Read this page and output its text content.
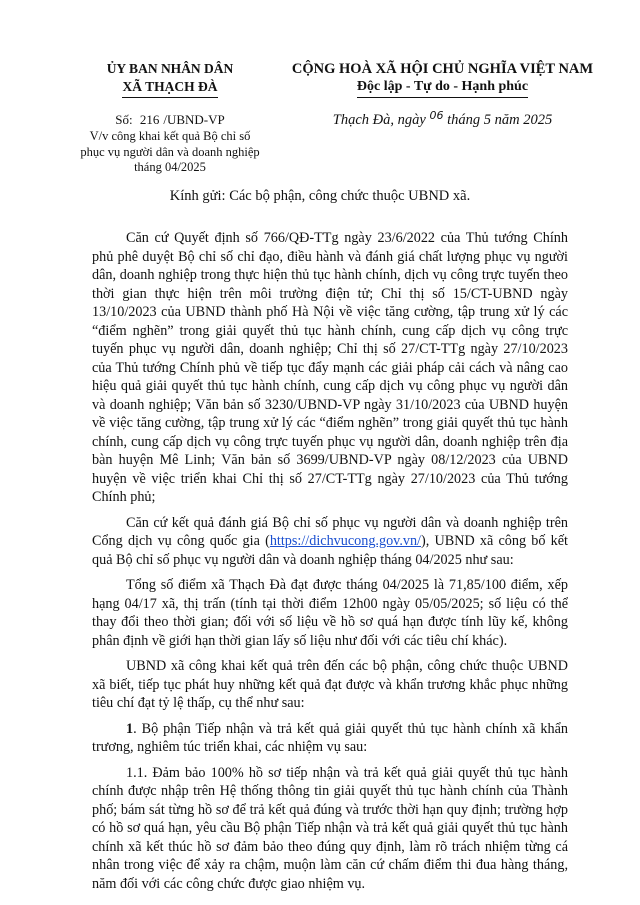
ỦY BAN NHÂN DÂN
XÃ THẠCH ĐÀ
Số: 216 /UBND-VP
V/v công khai kết quả Bộ chỉ số
phục vụ người dân và doanh nghiệp
tháng 04/2025
CỘNG HOÀ XÃ HỘI CHỦ NGHĨA VIỆT NAM
Độc lập - Tự do - Hạnh phúc
Thạch Đà, ngày $^{06}$ tháng 5 năm 2025
Kính gửi: Các bộ phận, công chức thuộc UBND xã.

Căn cứ Quyết định số 766/QĐ-TTg ngày 23/6/2022 của Thủ tướng Chính phủ phê duyệt Bộ chỉ số chỉ đạo, điều hành và đánh giá chất lượng phục vụ người dân, doanh nghiệp trong thực hiện thủ tục hành chính, dịch vụ công trực tuyến theo thời gian thực hiện trên môi trường điện tử; Chỉ thị số 15/CT-UBND ngày 13/10/2023 của UBND thành phố Hà Nội về việc tăng cường, tập trung xử lý các “điểm nghẽn” trong giải quyết thủ tục hành chính, cung cấp dịch vụ công trực tuyến phục vụ người dân, doanh nghiệp; Chỉ thị số 27/CT-TTg ngày 27/10/2023 của Thủ tướng Chính phủ về tiếp tục đẩy mạnh các giải pháp cải cách và nâng cao hiệu quả giải quyết thủ tục hành chính, cung cấp dịch vụ công phục vụ người dân và doanh nghiệp; Văn bản số 3230/UBND-VP ngày 31/10/2023 của UBND huyện về việc tăng cường, tập trung xử lý các “điểm nghẽn” trong giải quyết thủ tục hành chính, cung cấp dịch vụ công trực tuyến phục vụ người dân, doanh nghiệp trên địa bàn huyện Mê Linh; Văn bản số 3699/UBND-VP ngày 08/12/2023 của UBND huyện về việc triển khai Chỉ thị số 27/CT-TTg ngày 27/10/2023 của Thủ tướng Chính phủ;

Căn cứ kết quả đánh giá Bộ chỉ số phục vụ người dân và doanh nghiệp trên Cổng dịch vụ công quốc gia (https://dichvucong.gov.vn/), UBND xã công bố kết quả Bộ chỉ số phục vụ người dân và doanh nghiệp tháng 04/2025 như sau:

Tổng số điểm xã Thạch Đà đạt được tháng 04/2025 là 71,85/100 điểm, xếp hạng 04/17 xã, thị trấn (tính tại thời điểm 12h00 ngày 05/05/2025; số liệu có thể thay đổi theo thời gian; đối với số liệu về hồ sơ quá hạn được tính lũy kế, không phân định về giới hạn thời gian lấy số liệu như đối với các tiêu chí khác).

UBND xã công khai kết quả trên đến các bộ phận, công chức thuộc UBND xã biết, tiếp tục phát huy những kết quả đạt được và khẩn trương khắc phục những tiêu chí đạt tỷ lệ thấp, cụ thể như sau:

1. Bộ phận Tiếp nhận và trả kết quả giải quyết thủ tục hành chính xã khẩn trương, nghiêm túc triển khai, các nhiệm vụ sau:

1.1. Đảm bảo 100% hồ sơ tiếp nhận và trả kết quả giải quyết thủ tục hành chính được nhập trên Hệ thống thông tin giải quyết thủ tục hành chính của Thành phố; bám sát từng hồ sơ để trả kết quả đúng và trước thời hạn quy định; trường hợp có hồ sơ quá hạn, yêu cầu Bộ phận Tiếp nhận và trả kết quả giải quyết thủ tục hành chính xã kết thúc hồ sơ đảm bảo theo đúng quy định, làm rõ trách nhiệm từng cá nhân trong việc để xảy ra chậm, muộn làm căn cứ chấm điểm thi đua hàng tháng, năm đối với các công chức được giao nhiệm vụ.
